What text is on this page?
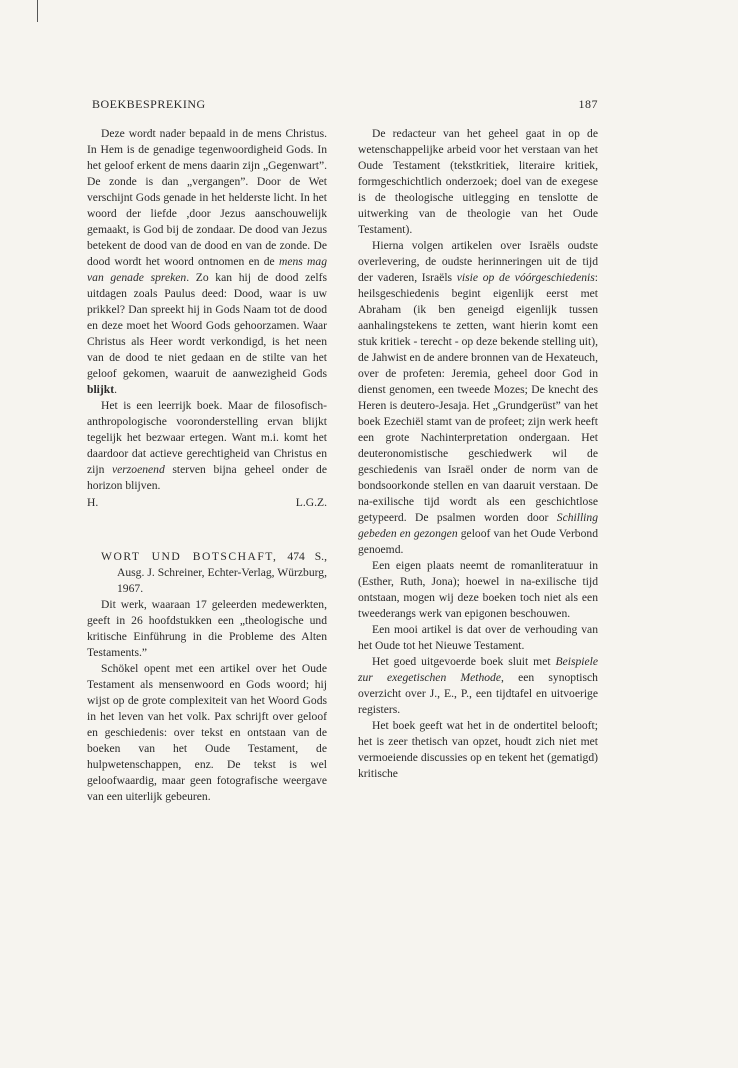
BOEKBESPREKING	187

Deze wordt nader bepaald in de mens Christus. In Hem is de genadige tegenwoordigheid Gods. In het geloof erkent de mens daarin zijn „Gegenwart”. De zonde is dan „vergangen”. Door de Wet verschijnt Gods genade in het helderste licht. In het woord der liefde ,door Jezus aanschouwelijk gemaakt, is God bij de zondaar. De dood van Jezus betekent de dood van de dood en van de zonde. De dood wordt het woord ontnomen en de mens mag van genade spreken. Zo kan hij de dood zelfs uitdagen zoals Paulus deed: Dood, waar is uw prikkel? Dan spreekt hij in Gods Naam tot de dood en deze moet het Woord Gods gehoorzamen. Waar Christus als Heer wordt verkondigd, is het neen van de dood te niet gedaan en de stilte van het geloof gekomen, waaruit de aanwezigheid Gods blijkt.

Het is een leerrijk boek. Maar de filosofisch-anthropologische vooronderstelling ervan blijkt tegelijk het bezwaar ertegen. Want m.i. komt het daardoor dat actieve gerechtigheid van Christus en zijn verzoenend sterven bijna geheel onder de horizon blijven.

H.	L.G.Z.
WORT UND BOTSCHAFT, 474 S., Ausg. J. Schreiner, Echter-Verlag, Würzburg, 1967.

Dit werk, waaraan 17 geleerden medewerkten, geeft in 26 hoofdstukken een „theologische und kritische Einführung in die Probleme des Alten Testaments.”

Schökel opent met een artikel over het Oude Testament als mensenwoord en Gods woord; hij wijst op de grote complexiteit van het Woord Gods in het leven van het volk. Pax schrijft over geloof en geschiedenis: over tekst en ontstaan van de boeken van het Oude Testament, de hulpwetenschappen, enz. De tekst is wel geloofwaardig, maar geen fotografische weergave van een uiterlijk gebeuren.

De redacteur van het geheel gaat in op de wetenschappelijke arbeid voor het verstaan van het Oude Testament (tekstkritiek, literaire kritiek, formgeschichtlich onderzoek; doel van de exegese is de theologische uitlegging en tenslotte de uitwerking van de theologie van het Oude Testament).

Hierna volgen artikelen over Israëls oudste overlevering, de oudste herinneringen uit de tijd der vaderen, Israëls visie op de vóórgeschiedenis: heilsgeschiedenis begint eigenlijk eerst met Abraham (ik ben geneigd eigenlijk tussen aanhalingstekens te zetten, want hierin komt een stuk kritiek - terecht - op deze bekende stelling uit), de Jahwist en de andere bronnen van de Hexateuch, over de profeten: Jeremia, geheel door God in dienst genomen, een tweede Mozes; De knecht des Heren is deutero-Jesaja. Het „Grundgerüst” van het boek Ezechiël stamt van de profeet; zijn werk heeft een grote Nachinterpretation ondergaan. Het deuteronomistische geschiedwerk wil de geschiedenis van Israël onder de norm van de bondsoorkonde stellen en van daaruit verstaan. De na-exilische tijd wordt als een geschichtlose getypeerd. De psalmen worden door Schilling gebeden en gezongen geloof van het Oude Verbond genoemd.

Een eigen plaats neemt de romanliteratuur in (Esther, Ruth, Jona); hoewel in na-exilische tijd ontstaan, mogen wij deze boeken toch niet als een tweederangs werk van epigonen beschouwen.

Een mooi artikel is dat over de verhouding van het Oude tot het Nieuwe Testament.

Het goed uitgevoerde boek sluit met Beispiele zur exegetischen Methode, een synoptisch overzicht over J., E., P., een tijdtafel en uitvoerige registers.

Het boek geeft wat het in de ondertitel belooft; het is zeer thetisch van opzet, houdt zich niet met vermoeiende discussies op en tekent het (gematigd) kritische
